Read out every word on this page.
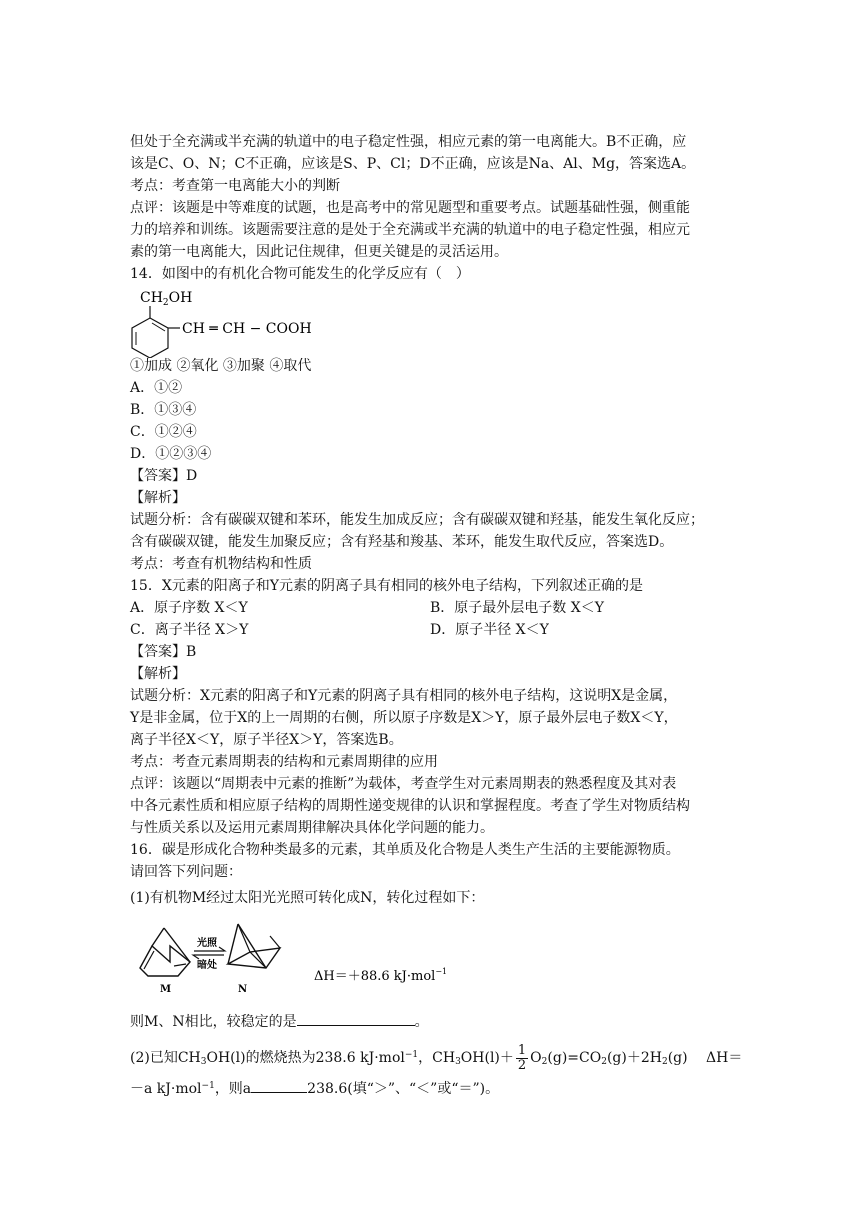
但处于全充满或半充满的轨道中的电子稳定性强，相应元素的第一电离能大。B不正确，应
该是C、O、N；C不正确，应该是S、P、Cl；D不正确，应该是Na、Al、Mg，答案选A。
考点：考查第一电离能大小的判断
点评：该题是中等难度的试题，也是高考中的常见题型和重要考点。试题基础性强，侧重能
力的培养和训练。该题需要注意的是处于全充满或半充满的轨道中的电子稳定性强，相应元
素的第一电离能大，因此记住规律，但更关键是的灵活运用。
14．如图中的有机化合物可能发生的化学反应有（　）
$CH_2OH$
CH ═ CH − COOH
①加成 ②氧化 ③加聚 ④取代
A．①②
B．①③④
C．①②④
D．①②③④
【答案】D
【解析】
试题分析：含有碳碳双键和苯环，能发生加成反应；含有碳碳双键和羟基，能发生氧化反应；
含有碳碳双键，能发生加聚反应；含有羟基和羧基、苯环，能发生取代反应，答案选D。
考点：考查有机物结构和性质
15．X元素的阳离子和Y元素的阴离子具有相同的核外电子结构，下列叙述正确的是
A．原子序数 X＜Y	B．原子最外层电子数 X＜Y
C．离子半径 X＞Y	D．原子半径 X＜Y
【答案】B
【解析】
试题分析：X元素的阳离子和Y元素的阴离子具有相同的核外电子结构，这说明X是金属，
Y是非金属，位于X的上一周期的右侧，所以原子序数是X＞Y，原子最外层电子数X＜Y，
离子半径X＜Y，原子半径X＞Y，答案选B。
考点：考查元素周期表的结构和元素周期律的应用
点评：该题以“周期表中元素的推断”为载体，考查学生对元素周期表的熟悉程度及其对表
中各元素性质和相应原子结构的周期性递变规律的认识和掌握程度。考查了学生对物质结构
与性质关系以及运用元素周期律解决具体化学问题的能力。
16．碳是形成化合物种类最多的元素，其单质及化合物是人类生产生活的主要能源物质。
请回答下列问题：
(1)有机物M经过太阳光光照可转化成N，转化过程如下：
M
光照
暗处
N
ΔH＝＋88.6 kJ·mol$^{-1}$
则M、N相比，较稳定的是	。
(2)已知$CH_3OH(l)$的燃烧热为238.6 kJ·mol$^{-1}$，$CH_3OH(l)+ \frac{1}{2} O_2(g)=CO_2(g)+2H_2(g)$　 ΔH＝
－a kJ·mol$^{-1}$，则a	238.6(填“＞”、“＜”或“＝”)。
